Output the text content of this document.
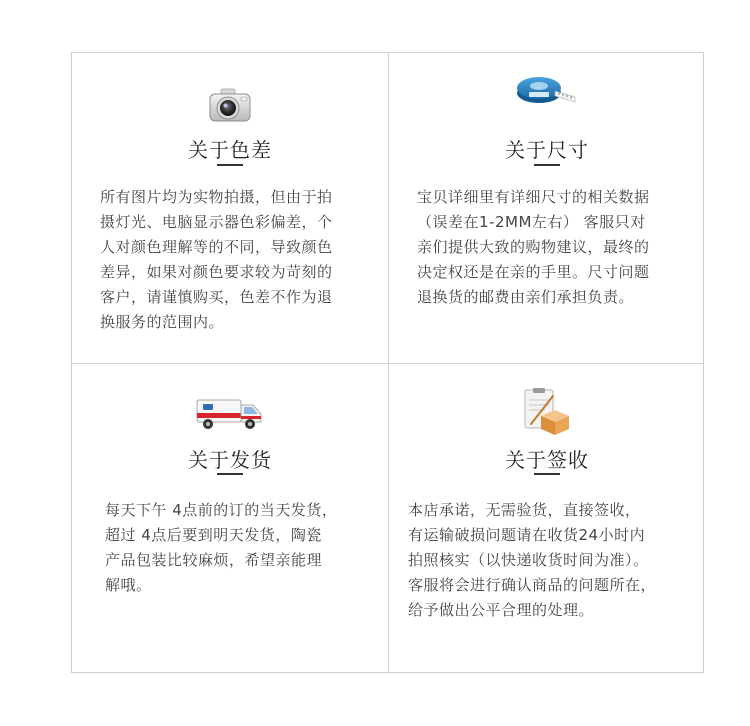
关于色差
所有图片均为实物拍摄，但由于拍
摄灯光、电脑显示器色彩偏差，个
人对颜色理解等的不同，导致颜色
差异，如果对颜色要求较为苛刻的
客户，请谨慎购买，色差不作为退
换服务的范围内。
关于尺寸
宝贝详细里有详细尺寸的相关数据
（误差在1-2MM左右） 客服只对
亲们提供大致的购物建议，最终的
决定权还是在亲的手里。尺寸问题
退换货的邮费由亲们承担负责。
关于发货
每天下午 4点前的订的当天发货，
超过 4点后要到明天发货，陶瓷
产品包装比较麻烦，希望亲能理
解哦。
关于签收
本店承诺，无需验货，直接签收，
有运输破损问题请在收货24小时内
拍照核实（以快递收货时间为准）。
客服将会进行确认商品的问题所在，
给予做出公平合理的处理。
